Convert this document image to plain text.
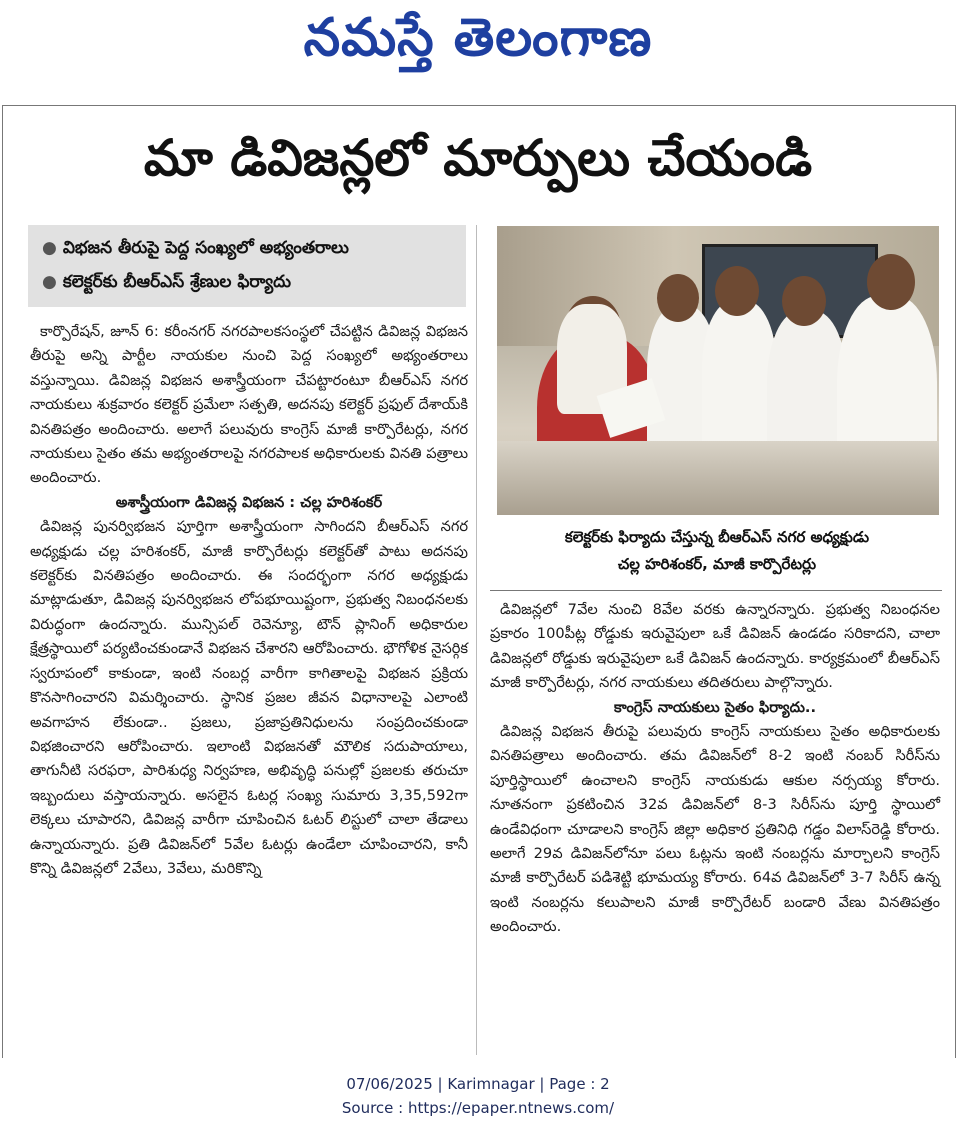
నమస్తే తెలంగాణ
మా డివిజన్లలో మార్పులు చేయండి
● విభజన తీరుపై పెద్ద సంఖ్యలో అభ్యంతరాలు
● కలెక్టర్‌కు బీఆర్‌ఎస్ శ్రేణుల ఫిర్యాదు

కార్పొరేషన్, జూన్ 6: కరీంనగర్ నగరపాలకసంస్థలో చేపట్టిన డివిజన్ల విభజన తీరుపై అన్ని పార్టీల నాయకుల నుంచి పెద్ద సంఖ్యలో అభ్యంతరాలు వస్తున్నాయి. డివిజన్ల విభజన అశాస్త్రీయంగా చేపట్టారంటూ బీఆర్‌ఎస్ నగర నాయకులు శుక్రవారం కలెక్టర్ ప్రమేలా సత్పతి, అదనపు కలెక్టర్ ప్రఫుల్ దేశాయ్‌కి వినతిపత్రం అందించారు. అలాగే పలువురు కాంగ్రెస్ మాజీ కార్పొరేటర్లు, నగర నాయకులు సైతం తమ అభ్యంతరాలపై నగరపాలక అధికారులకు వినతి పత్రాలు అందించారు.

అశాస్త్రీయంగా డివిజన్ల విభజన : చల్ల హరిశంకర్

డివిజన్ల పునర్విభజన పూర్తిగా అశాస్త్రీయంగా సాగిందని బీఆర్‌ఎస్ నగర అధ్యక్షుడు చల్ల హరిశంకర్, మాజీ కార్పొరేటర్లు కలెక్టర్‌తో పాటు అదనపు కలెక్టర్‌కు వినతిపత్రం అందించారు. ఈ సందర్భంగా నగర అధ్యక్షుడు మాట్లాడుతూ, డివిజన్ల పునర్విభజన లోపభూయిష్టంగా, ప్రభుత్వ నిబంధనలకు విరుద్ధంగా ఉందన్నారు. మున్సిపల్ రెవెన్యూ, టౌన్ ప్లానింగ్ అధికారుల క్షేత్రస్థాయిలో పర్యటించకుండానే విభజన చేశారని ఆరోపించారు. భౌగోళిక నైసర్గిక స్వరూపంలో కాకుండా, ఇంటి నంబర్ల వారీగా కాగితాలపై విభజన ప్రక్రియ కొనసాగించారని విమర్శించారు. స్థానిక ప్రజల జీవన విధానాలపై ఎలాంటి అవగాహన లేకుండా.. ప్రజలు, ప్రజాప్రతినిధులను సంప్రదించకుండా విభజించారని ఆరోపించారు. ఇలాంటి విభజనతో మౌలిక సదుపాయాలు, తాగునీటి సరఫరా, పారిశుధ్య నిర్వహణ, అభివృద్ధి పనుల్లో ప్రజలకు తరుచూ ఇబ్బందులు వస్తాయన్నారు. అసలైన ఓటర్ల సంఖ్య సుమారు 3,35,592గా లెక్కలు చూపారని, డివిజన్ల వారీగా చూపించిన ఓటర్ లిస్టులో చాలా తేడాలు ఉన్నాయన్నారు. ప్రతి డివిజన్‌లో 5వేల ఓటర్లు ఉండేలా చూపించారని, కానీ కొన్ని డివిజన్లలో 2వేలు, 3వేలు, మరికొన్ని

కలెక్టర్‌కు ఫిర్యాదు చేస్తున్న బీఆర్‌ఎస్ నగర అధ్యక్షుడు
చల్ల హరిశంకర్, మాజీ కార్పొరేటర్లు

డివిజన్లలో 7వేల నుంచి 8వేల వరకు ఉన్నారన్నారు. ప్రభుత్వ నిబంధనల ప్రకారం 100పీట్ల రోడ్డుకు ఇరువైపులా ఒకే డివిజన్ ఉండడం సరికాదని, చాలా డివిజన్లలో రోడ్డుకు ఇరువైపులా ఒకే డివిజన్ ఉందన్నారు. కార్యక్రమంలో బీఆర్‌ఎస్ మాజీ కార్పొరేటర్లు, నగర నాయకులు తదితరులు పాల్గొన్నారు.

కాంగ్రెస్ నాయకులు సైతం ఫిర్యాదు..

డివిజన్ల విభజన తీరుపై పలువురు కాంగ్రెస్ నాయకులు సైతం అధికారులకు వినతిపత్రాలు అందించారు. తమ డివిజన్‌లో 8-2 ఇంటి నంబర్ సిరీస్‌ను పూర్తిస్థాయిలో ఉంచాలని కాంగ్రెస్ నాయకుడు ఆకుల నర్సయ్య కోరారు. నూతనంగా ప్రకటించిన 32వ డివిజన్‌లో 8-3 సిరీస్‌ను పూర్తి స్థాయిలో ఉండేవిధంగా చూడాలని కాంగ్రెస్ జిల్లా అధికార ప్రతినిధి గడ్డం విలాస్‌రెడ్డి కోరారు. అలాగే 29వ డివిజన్‌లోనూ పలు ఓట్లను ఇంటి నంబర్లను మార్చాలని కాంగ్రెస్ మాజీ కార్పొరేటర్ పడిశెట్టి భూమయ్య కోరారు. 64వ డివిజన్‌లో 3-7 సిరీస్ ఉన్న ఇంటి నంబర్లను కలుపాలని మాజీ కార్పొరేటర్ బండారి వేణు వినతిపత్రం అందించారు.

07/06/2025 | Karimnagar | Page : 2
Source : https://epaper.ntnews.com/
